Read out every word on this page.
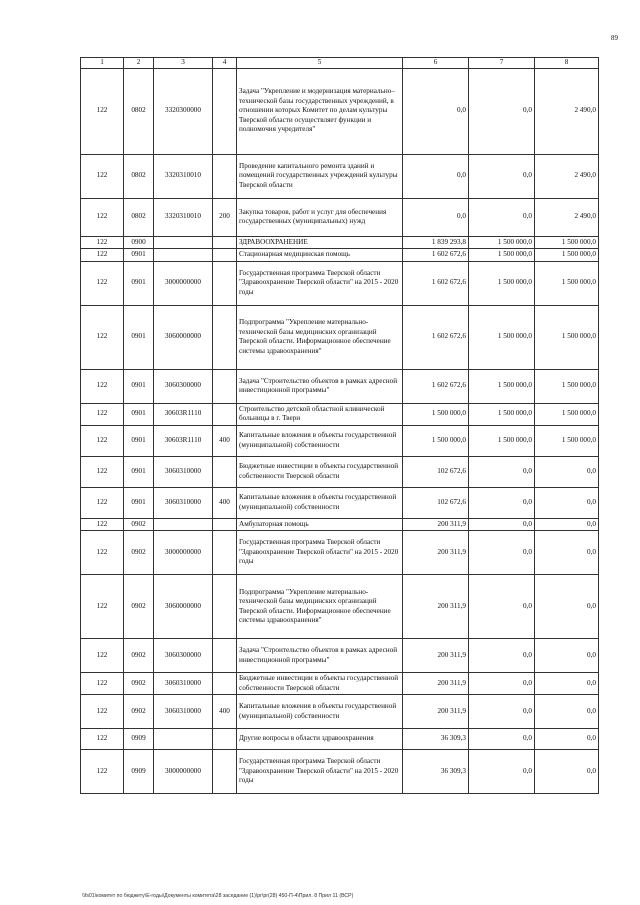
89
1	2	3	4	5	6	7	8
122	0802	3320300000		Задача "Укрепление и модернизация материально–технической базы государственных учреждений, в отношении которых Комитет по делам культуры Тверской области осуществляет функции и полномочия учредителя"	0,0	0,0	2 490,0
122	0802	3320310010		Проведение капитального ремонта зданий и помещений государственных учреждений культуры Тверской области	0,0	0,0	2 490,0
122	0802	3320310010	200	Закупка товаров, работ и услуг для обеспечения государственных (муниципальных) нужд	0,0	0,0	2 490,0
122	0900			ЗДРАВООХРАНЕНИЕ	1 839 293,8	1 500 000,0	1 500 000,0
122	0901			Стационарная медицинская помощь	1 602 672,6	1 500 000,0	1 500 000,0
122	0901	3000000000		Государственная программа Тверской области "Здравоохранение Тверской области" на 2015 - 2020 годы	1 602 672,6	1 500 000,0	1 500 000,0
122	0901	3060000000		Подпрограмма "Укрепление материально-технической базы медицинских организаций Тверской области. Информационное обеспечение системы здравоохранения"	1 602 672,6	1 500 000,0	1 500 000,0
122	0901	3060300000		Задача "Строительство объектов в рамках адресной инвестиционной программы"	1 602 672,6	1 500 000,0	1 500 000,0
122	0901	30603R1110		Строительство детской областной клинической больницы в г. Твери	1 500 000,0	1 500 000,0	1 500 000,0
122	0901	30603R1110	400	Капитальные вложения в объекты государственной (муниципальной) собственности	1 500 000,0	1 500 000,0	1 500 000,0
122	0901	3060310000		Бюджетные инвестиции в объекты государственной собственности Тверской области	102 672,6	0,0	0,0
122	0901	3060310000	400	Капитальные вложения в объекты государственной (муниципальной) собственности	102 672,6	0,0	0,0
122	0902			Амбулаторная помощь	200 311,9	0,0	0,0
122	0902	3000000000		Государственная программа Тверской области "Здравоохранение Тверской области" на 2015 - 2020 годы	200 311,9	0,0	0,0
122	0902	3060000000		Подпрограмма "Укрепление материально-технической базы медицинских организаций Тверской области. Информационное обеспечение системы здравоохранения"	200 311,9	0,0	0,0
122	0902	3060300000		Задача "Строительство объектов в рамках адресной инвестиционной программы"	200 311,9	0,0	0,0
122	0902	3060310000		Бюджетные инвестиции в объекты государственной собственности Тверской области	200 311,9	0,0	0,0
122	0902	3060310000	400	Капитальные вложения в объекты государственной (муниципальной) собственности	200 311,9	0,0	0,0
122	0909			Другие вопросы в области здравоохранения	36 309,3	0,0	0,0
122	0909	3000000000		Государственная программа Тверской области "Здравоохранение Тверской области" на 2015 - 2020 годы	36 309,3	0,0	0,0
\\fs01\комитет по бюджету\Е-годы\Документы комитета\28 заседание (1)\pr\pr(28) 450-П-4\Прил. 8 Прил 11 (ВСР)
